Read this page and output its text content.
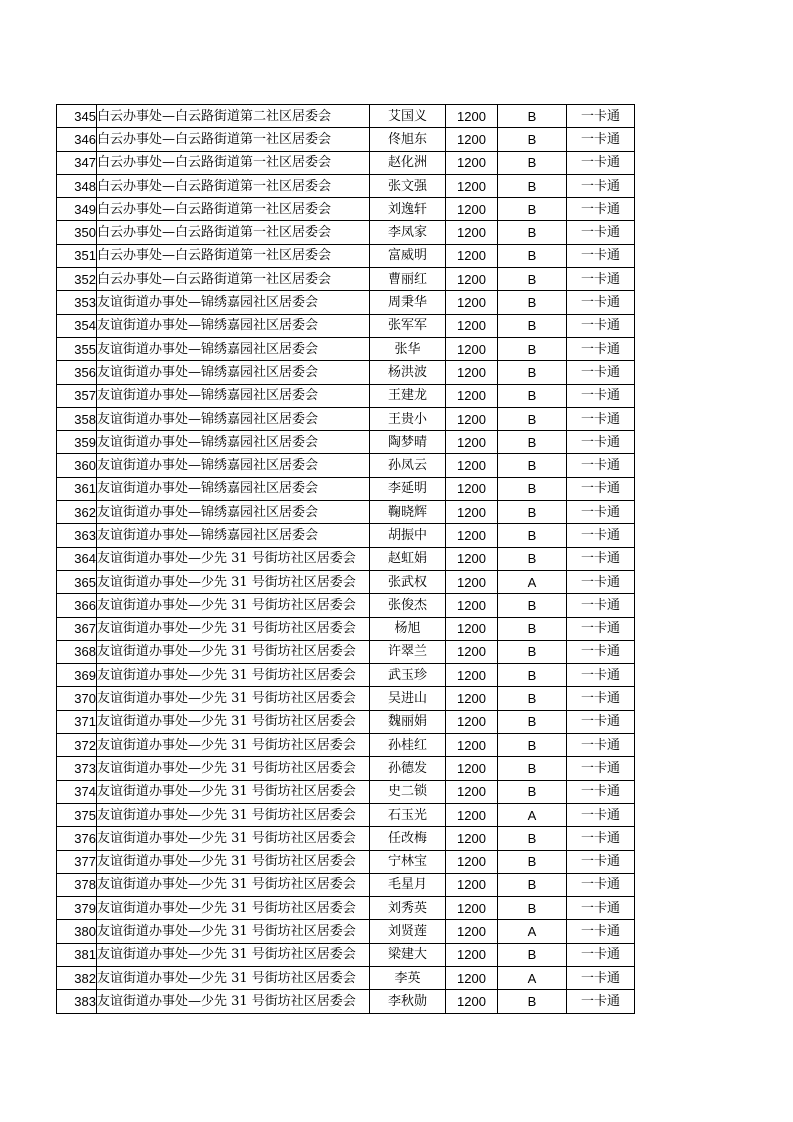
345	白云办事处—白云路街道第二社区居委会	艾国义	1200	B	一卡通
346	白云办事处—白云路街道第一社区居委会	佟旭东	1200	B	一卡通
347	白云办事处—白云路街道第一社区居委会	赵化洲	1200	B	一卡通
348	白云办事处—白云路街道第一社区居委会	张文强	1200	B	一卡通
349	白云办事处—白云路街道第一社区居委会	刘逸轩	1200	B	一卡通
350	白云办事处—白云路街道第一社区居委会	李凤家	1200	B	一卡通
351	白云办事处—白云路街道第一社区居委会	富威明	1200	B	一卡通
352	白云办事处—白云路街道第一社区居委会	曹丽红	1200	B	一卡通
353	友谊街道办事处—锦绣嘉园社区居委会	周秉华	1200	B	一卡通
354	友谊街道办事处—锦绣嘉园社区居委会	张军军	1200	B	一卡通
355	友谊街道办事处—锦绣嘉园社区居委会	张华	1200	B	一卡通
356	友谊街道办事处—锦绣嘉园社区居委会	杨洪波	1200	B	一卡通
357	友谊街道办事处—锦绣嘉园社区居委会	王建龙	1200	B	一卡通
358	友谊街道办事处—锦绣嘉园社区居委会	王贵小	1200	B	一卡通
359	友谊街道办事处—锦绣嘉园社区居委会	陶梦晴	1200	B	一卡通
360	友谊街道办事处—锦绣嘉园社区居委会	孙凤云	1200	B	一卡通
361	友谊街道办事处—锦绣嘉园社区居委会	李延明	1200	B	一卡通
362	友谊街道办事处—锦绣嘉园社区居委会	鞠晓辉	1200	B	一卡通
363	友谊街道办事处—锦绣嘉园社区居委会	胡振中	1200	B	一卡通
364	友谊街道办事处—少先 31 号街坊社区居委会	赵虹娟	1200	B	一卡通
365	友谊街道办事处—少先 31 号街坊社区居委会	张武权	1200	A	一卡通
366	友谊街道办事处—少先 31 号街坊社区居委会	张俊杰	1200	B	一卡通
367	友谊街道办事处—少先 31 号街坊社区居委会	杨旭	1200	B	一卡通
368	友谊街道办事处—少先 31 号街坊社区居委会	许翠兰	1200	B	一卡通
369	友谊街道办事处—少先 31 号街坊社区居委会	武玉珍	1200	B	一卡通
370	友谊街道办事处—少先 31 号街坊社区居委会	吴进山	1200	B	一卡通
371	友谊街道办事处—少先 31 号街坊社区居委会	魏丽娟	1200	B	一卡通
372	友谊街道办事处—少先 31 号街坊社区居委会	孙桂红	1200	B	一卡通
373	友谊街道办事处—少先 31 号街坊社区居委会	孙德发	1200	B	一卡通
374	友谊街道办事处—少先 31 号街坊社区居委会	史二锁	1200	B	一卡通
375	友谊街道办事处—少先 31 号街坊社区居委会	石玉光	1200	A	一卡通
376	友谊街道办事处—少先 31 号街坊社区居委会	任改梅	1200	B	一卡通
377	友谊街道办事处—少先 31 号街坊社区居委会	宁林宝	1200	B	一卡通
378	友谊街道办事处—少先 31 号街坊社区居委会	毛星月	1200	B	一卡通
379	友谊街道办事处—少先 31 号街坊社区居委会	刘秀英	1200	B	一卡通
380	友谊街道办事处—少先 31 号街坊社区居委会	刘贤莲	1200	A	一卡通
381	友谊街道办事处—少先 31 号街坊社区居委会	梁建大	1200	B	一卡通
382	友谊街道办事处—少先 31 号街坊社区居委会	李英	1200	A	一卡通
383	友谊街道办事处—少先 31 号街坊社区居委会	李秋勋	1200	B	一卡通
